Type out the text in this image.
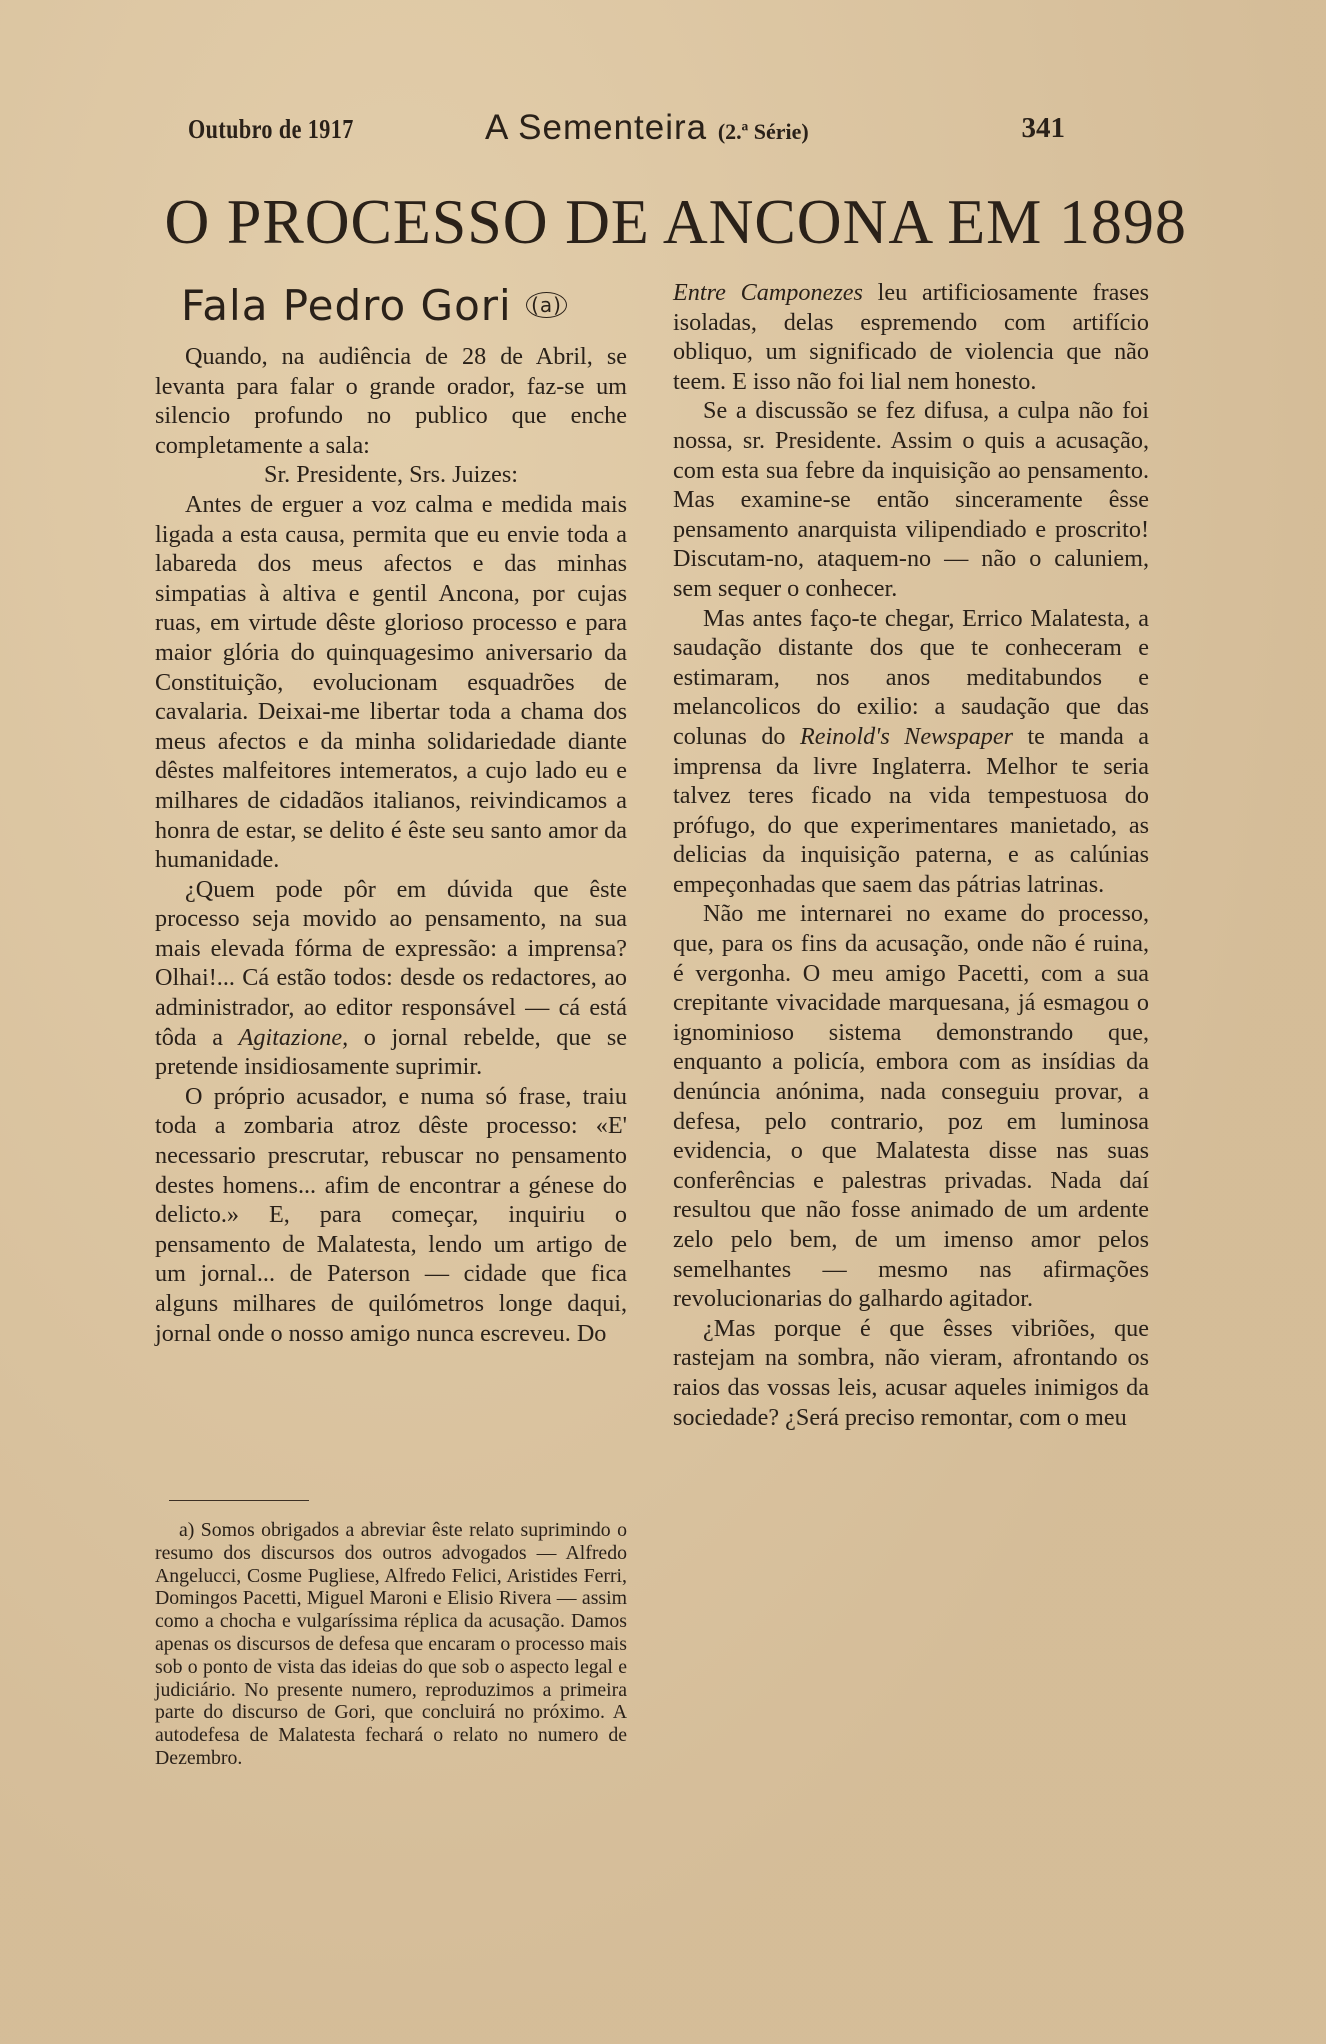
Outubro de 1917	A Sementeira (2.ª Série)	341
O PROCESSO DE ANCONA EM 1898
Fala Pedro Gori (a)

Quando, na audiência de 28 de Abril, se levanta para falar o grande orador, faz-se um silencio profundo no publico que enche completamente a sala:

Sr. Presidente, Srs. Juizes:

Antes de erguer a voz calma e medida mais ligada a esta causa, permita que eu envie toda a labareda dos meus afectos e das minhas simpatias à altiva e gentil Ancona, por cujas ruas, em virtude dêste glorioso processo e para maior glória do quinquagesimo aniversario da Constituição, evolucionam esquadrões de cavalaria. Deixai-me libertar toda a chama dos meus afectos e da minha solidariedade diante dêstes malfeitores intemeratos, a cujo lado eu e milhares de cidadãos italianos, reivindicamos a honra de estar, se delito é êste seu santo amor da humanidade.

¿Quem pode pôr em dúvida que êste processo seja movido ao pensamento, na sua mais elevada fórma de expressão: a imprensa? Olhai!... Cá estão todos: desde os redactores, ao administrador, ao editor responsável — cá está tôda a Agitazione, o jornal rebelde, que se pretende insidiosamente suprimir.

O próprio acusador, e numa só frase, traiu toda a zombaria atroz dêste processo: «E' necessario prescrutar, rebuscar no pensamento destes homens... afim de encontrar a génese do delicto.» E, para começar, inquiriu o pensamento de Malatesta, lendo um artigo de um jornal... de Paterson — cidade que fica alguns milhares de quilómetros longe daqui, jornal onde o nosso amigo nunca escreveu. Do

Entre Camponezes leu artificiosamente frases isoladas, delas espremendo com artifício obliquo, um significado de violencia que não teem. E isso não foi lial nem honesto.

Se a discussão se fez difusa, a culpa não foi nossa, sr. Presidente. Assim o quis a acusação, com esta sua febre da inquisição ao pensamento. Mas examine-se então sinceramente êsse pensamento anarquista vilipendiado e proscrito! Discutam-no, ataquem-no — não o caluniem, sem sequer o conhecer.

Mas antes faço-te chegar, Errico Malatesta, a saudação distante dos que te conheceram e estimaram, nos anos meditabundos e melancolicos do exilio: a saudação que das colunas do Reinold's Newspaper te manda a imprensa da livre Inglaterra. Melhor te seria talvez teres ficado na vida tempestuosa do prófugo, do que experimentares manietado, as delicias da inquisição paterna, e as calúnias empeçonhadas que saem das pátrias latrinas.

Não me internarei no exame do processo, que, para os fins da acusação, onde não é ruina, é vergonha. O meu amigo Pacetti, com a sua crepitante vivacidade marquesana, já esmagou o ignominioso sistema demonstrando que, enquanto a policía, embora com as insídias da denúncia anónima, nada conseguiu provar, a defesa, pelo contrario, poz em luminosa evidencia, o que Malatesta disse nas suas conferências e palestras privadas. Nada daí resultou que não fosse animado de um ardente zelo pelo bem, de um imenso amor pelos semelhantes — mesmo nas afirmações revolucionarias do galhardo agitador.

¿Mas porque é que êsses vibriões, que rastejam na sombra, não vieram, afrontando os raios das vossas leis, acusar aqueles inimigos da sociedade? ¿Será preciso remontar, com o meu

a) Somos obrigados a abreviar êste relato suprimindo o resumo dos discursos dos outros advogados — Alfredo Angelucci, Cosme Pugliese, Alfredo Felici, Aristides Ferri, Domingos Pacetti, Miguel Maroni e Elisio Rivera — assim como a chocha e vulgaríssima réplica da acusação. Damos apenas os discursos de defesa que encaram o processo mais sob o ponto de vista das ideias do que sob o aspecto legal e judiciário. No presente numero, reproduzimos a primeira parte do discurso de Gori, que concluirá no próximo. A autodefesa de Malatesta fechará o relato no numero de Dezembro.
